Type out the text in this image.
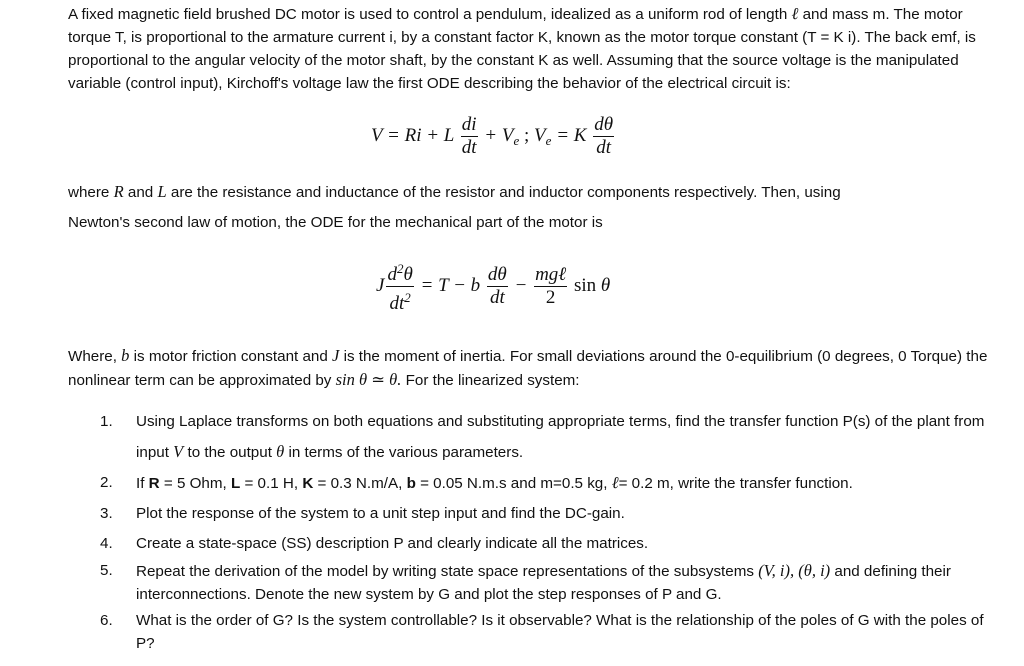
A fixed magnetic field brushed DC motor is used to control a pendulum, idealized as a uniform rod of length ℓ and mass m. The motor torque T, is proportional to the armature current i, by a constant factor K, known as the motor torque constant (T = K i). The back emf, is proportional to the angular velocity of the motor shaft, by the constant K as well. Assuming that the source voltage is the manipulated variable (control input), Kirchoff's voltage law the first ODE describing the behavior of the electrical circuit is:
V = Ri + L $\frac{di}{dt} + V_e$ ; $V_e = K \frac{d\theta}{dt}$
where R and L are the resistance and inductance of the resistor and inductor components respectively. Then, using
Newton's second law of motion, the ODE for the mechanical part of the motor is
J $\frac{d^2\theta}{dt^2} = T - b \frac{d\theta}{dt} - \frac{\text{mgℓ}}{2}$ sin θ
Where, b is motor friction constant and J is the moment of inertia. For small deviations around the 0-equilibrium (0 degrees, 0 Torque) the nonlinear term can be approximated by sin θ ≃ θ. For the linearized system:
1. Using Laplace transforms on both equations and substituting appropriate terms, find the transfer function P(s) of the plant from input V to the output θ in terms of the various parameters.
2. If R = 5 Ohm, L = 0.1 H, K = 0.3 N.m/A, b = 0.05 N.m.s and m=0.5 kg, ℓ= 0.2 m, write the transfer function.
3. Plot the response of the system to a unit step input and find the DC-gain.
4. Create a state-space (SS) description P and clearly indicate all the matrices.
5. Repeat the derivation of the model by writing state space representations of the subsystems (V, i), (θ, i) and defining their interconnections. Denote the new system by G and plot the step responses of P and G.
6. What is the order of G? Is the system controllable? Is it observable? What is the relationship of the poles of G with the poles of P?
